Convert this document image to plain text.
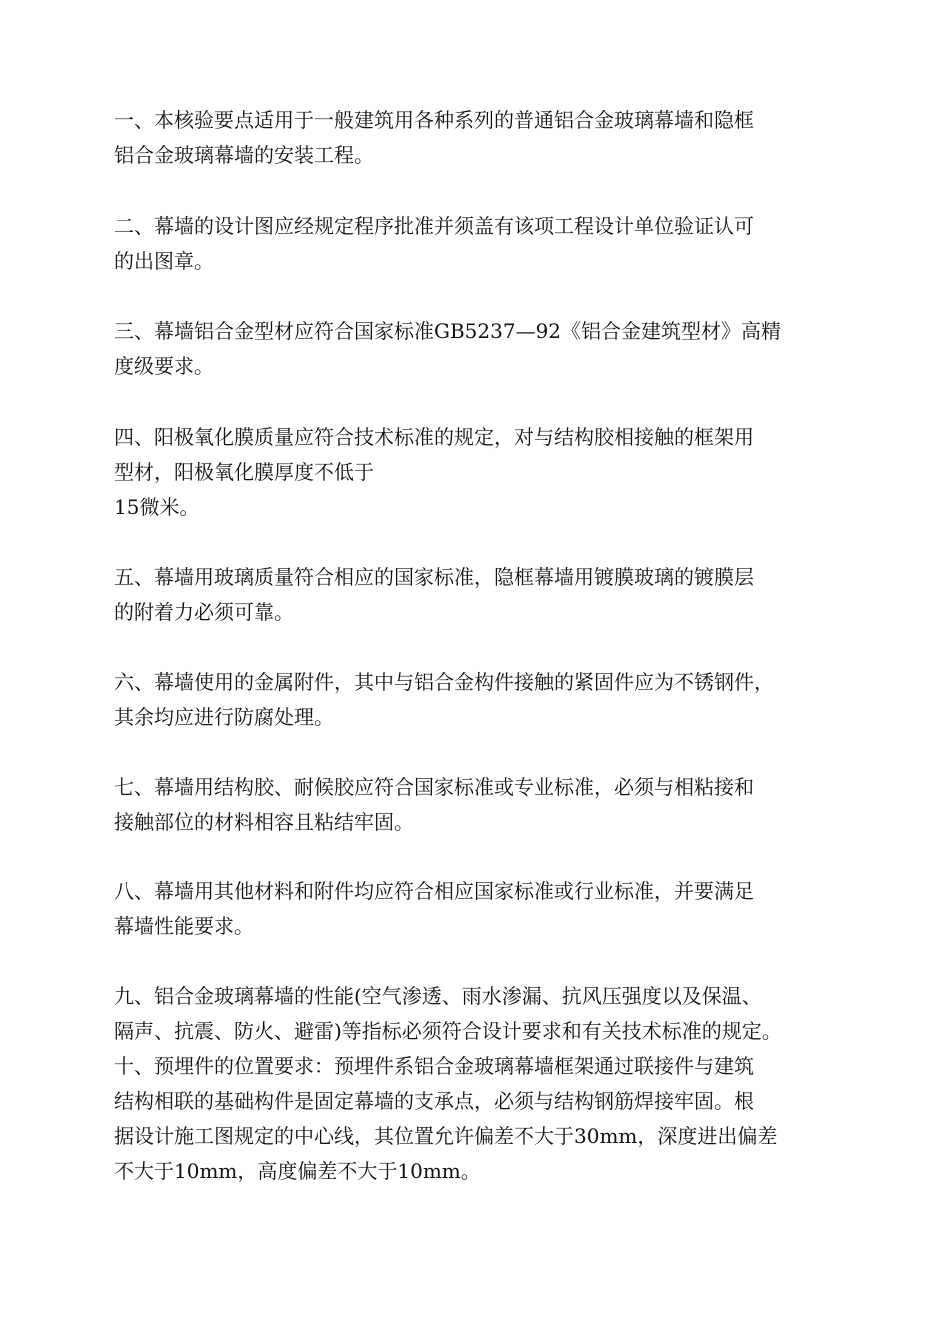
一、本核验要点适用于一般建筑用各种系列的普通铝合金玻璃幕墙和隐框
铝合金玻璃幕墙的安装工程。
二、幕墙的设计图应经规定程序批准并须盖有该项工程设计单位验证认可
的出图章。
三、幕墙铝合金型材应符合国家标准GB5237—92《铝合金建筑型材》高精
度级要求。
四、阳极氧化膜质量应符合技术标准的规定，对与结构胶相接触的框架用
型材，阳极氧化膜厚度不低于
15微米。
五、幕墙用玻璃质量符合相应的国家标准，隐框幕墙用镀膜玻璃的镀膜层
的附着力必须可靠。
六、幕墙使用的金属附件，其中与铝合金构件接触的紧固件应为不锈钢件，
其余均应进行防腐处理。
七、幕墙用结构胶、耐候胶应符合国家标准或专业标准，必须与相粘接和
接触部位的材料相容且粘结牢固。
八、幕墙用其他材料和附件均应符合相应国家标准或行业标准，并要满足
幕墙性能要求。
九、铝合金玻璃幕墙的性能(空气渗透、雨水渗漏、抗风压强度以及保温、
隔声、抗震、防火、避雷)等指标必须符合设计要求和有关技术标准的规定。
十、预埋件的位置要求：预埋件系铝合金玻璃幕墙框架通过联接件与建筑
结构相联的基础构件是固定幕墙的支承点，必须与结构钢筋焊接牢固。根
据设计施工图规定的中心线，其位置允许偏差不大于30mm，深度进出偏差
不大于10mm，高度偏差不大于10mm。
